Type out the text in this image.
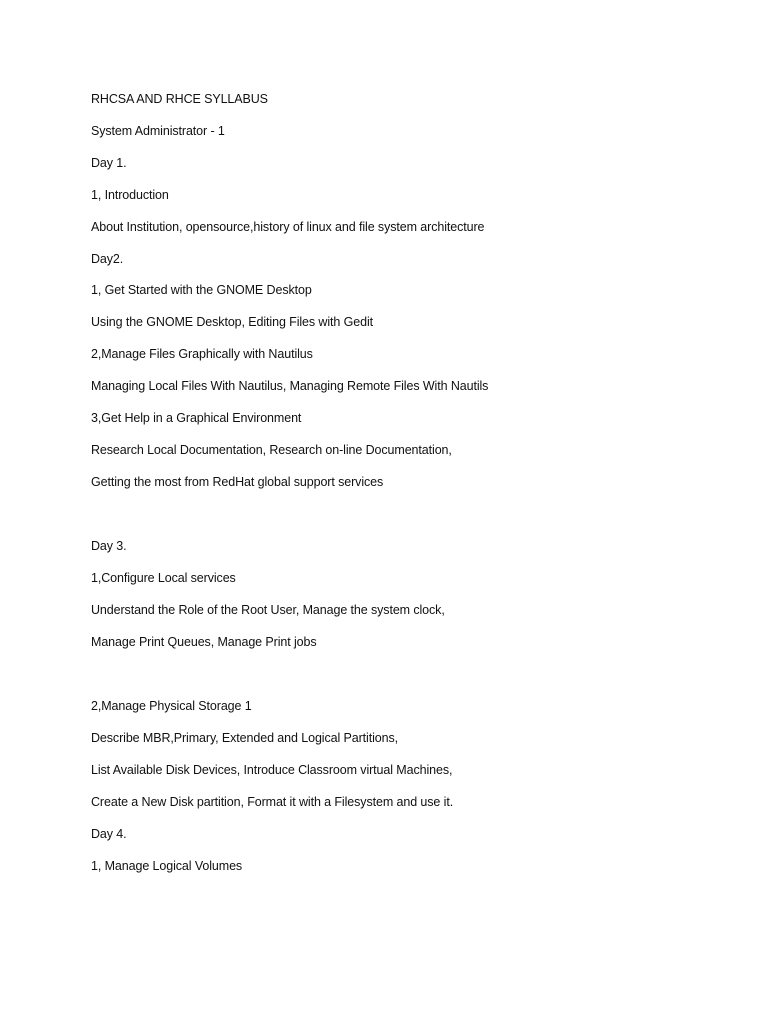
RHCSA AND RHCE SYLLABUS
System Administrator - 1
Day 1.
1, Introduction
About Institution, opensource,history of linux and file system architecture
Day2.
1, Get Started with the GNOME Desktop
Using the GNOME Desktop, Editing Files with Gedit
2,Manage Files Graphically with Nautilus
Managing Local Files With Nautilus, Managing Remote Files With Nautils
3,Get Help in a Graphical Environment
Research Local Documentation, Research on-line Documentation,
Getting the most from RedHat global support services
Day 3.
1,Configure Local services
Understand the Role of the Root User, Manage the system clock,
Manage Print Queues, Manage Print jobs
2,Manage Physical Storage 1
Describe MBR,Primary, Extended and Logical Partitions,
List Available Disk Devices, Introduce Classroom virtual Machines,
Create a New Disk partition, Format it with a Filesystem and use it.
Day 4.
1, Manage Logical Volumes
